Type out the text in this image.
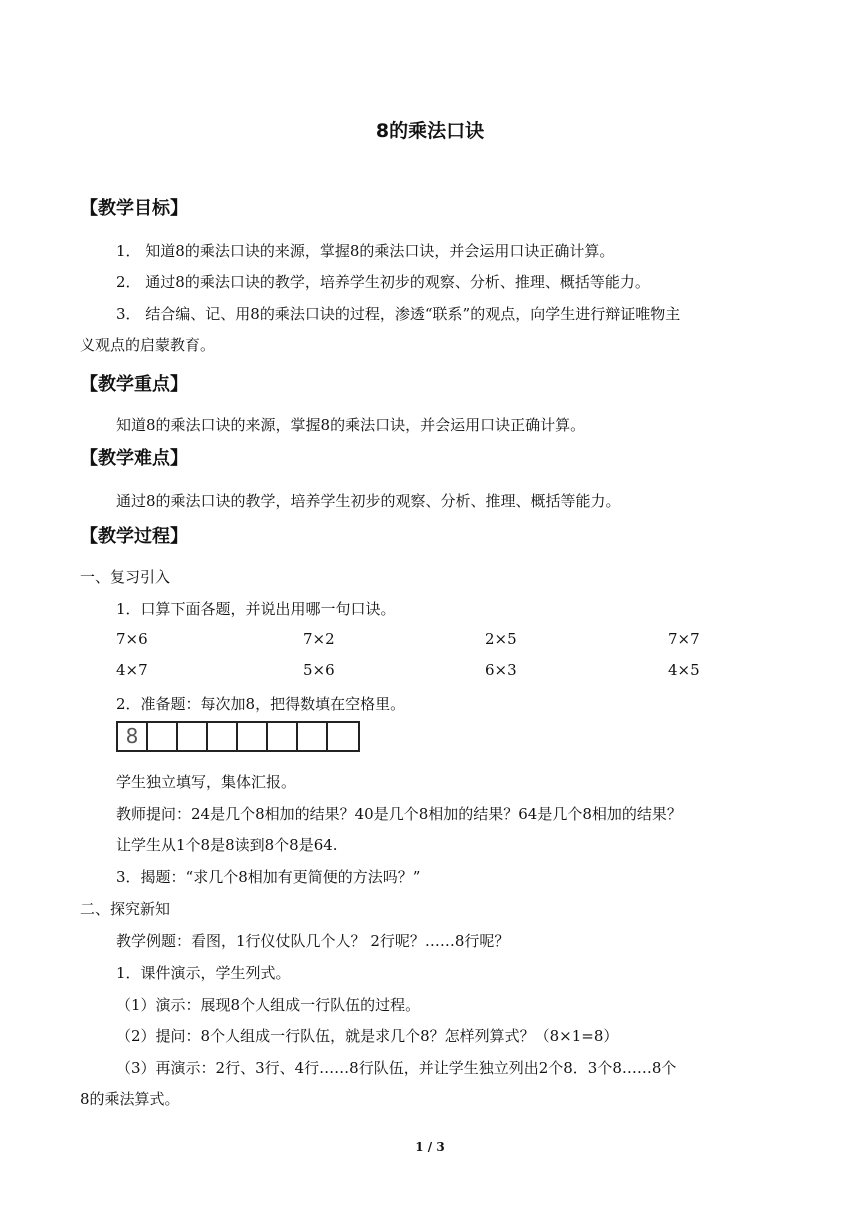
8的乘法口诀
【教学目标】
1． 知道8的乘法口诀的来源，掌握8的乘法口诀，并会运用口诀正确计算。
2． 通过8的乘法口诀的教学，培养学生初步的观察、分析、推理、概括等能力。
3． 结合编、记、用8的乘法口诀的过程，渗透“联系”的观点，向学生进行辩证唯物主
义观点的启蒙教育。
【教学重点】
知道8的乘法口诀的来源，掌握8的乘法口诀，并会运用口诀正确计算。
【教学难点】
通过8的乘法口诀的教学，培养学生初步的观察、分析、推理、概括等能力。
【教学过程】
一、复习引入
1．口算下面各题，并说出用哪一句口诀。
7×6	7×2	2×5	7×7
4×7	5×6	6×3	4×5
2．准备题：每次加8，把得数填在空格里。
8
学生独立填写，集体汇报。
教师提问：24是几个8相加的结果？40是几个8相加的结果？64是几个8相加的结果？
让学生从1个8是8读到8个8是64.
3．揭题：“求几个8相加有更简便的方法吗？”
二、探究新知
教学例题：看图，1行仪仗队几个人？ 2行呢？……8行呢？
1．课件演示，学生列式。
（1）演示：展现8个人组成一行队伍的过程。
（2）提问：8个人组成一行队伍，就是求几个8？怎样列算式？（8×1=8）
（3）再演示：2行、3行、4行……8行队伍，并让学生独立列出2个8．3个8……8个
8的乘法算式。
1 / 3
